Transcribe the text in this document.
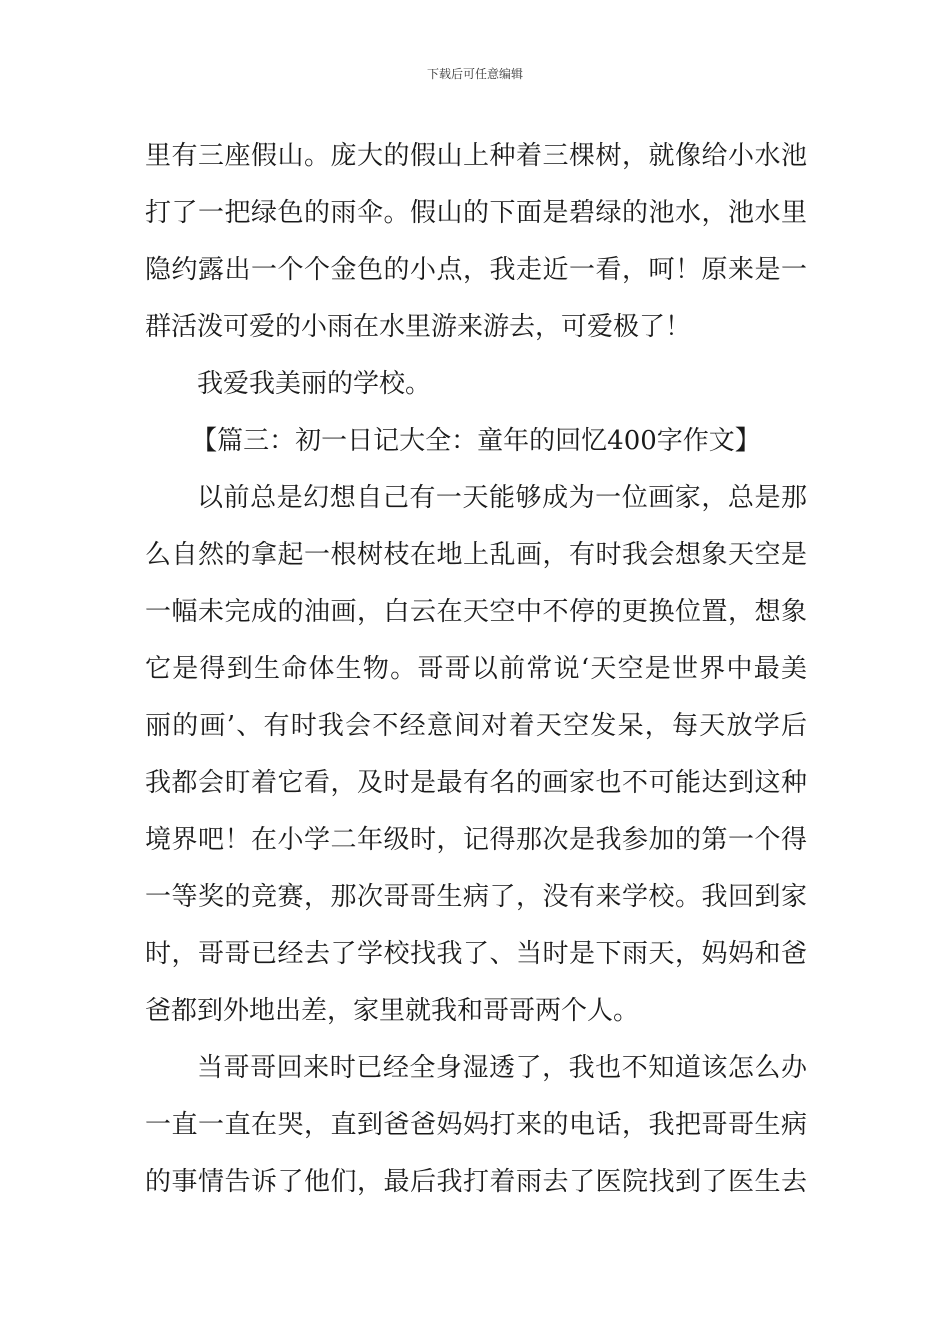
下载后可任意编辑
里有三座假山。庞大的假山上种着三棵树，就像给小水池
打了一把绿色的雨伞。假山的下面是碧绿的池水，池水里
隐约露出一个个金色的小点，我走近一看，呵！原来是一
群活泼可爱的小雨在水里游来游去，可爱极了！
我爱我美丽的学校。
【篇三：初一日记大全：童年的回忆400字作文】
以前总是幻想自己有一天能够成为一位画家，总是那
么自然的拿起一根树枝在地上乱画，有时我会想象天空是
一幅未完成的油画，白云在天空中不停的更换位置，想象
它是得到生命体生物。哥哥以前常说‘天空是世界中最美
丽的画’、有时我会不经意间对着天空发呆，每天放学后
我都会盯着它看，及时是最有名的画家也不可能达到这种
境界吧！在小学二年级时，记得那次是我参加的第一个得
一等奖的竞赛，那次哥哥生病了，没有来学校。我回到家
时，哥哥已经去了学校找我了、当时是下雨天，妈妈和爸
爸都到外地出差，家里就我和哥哥两个人。
当哥哥回来时已经全身湿透了，我也不知道该怎么办
一直一直在哭，直到爸爸妈妈打来的电话，我把哥哥生病
的事情告诉了他们，最后我打着雨去了医院找到了医生去
